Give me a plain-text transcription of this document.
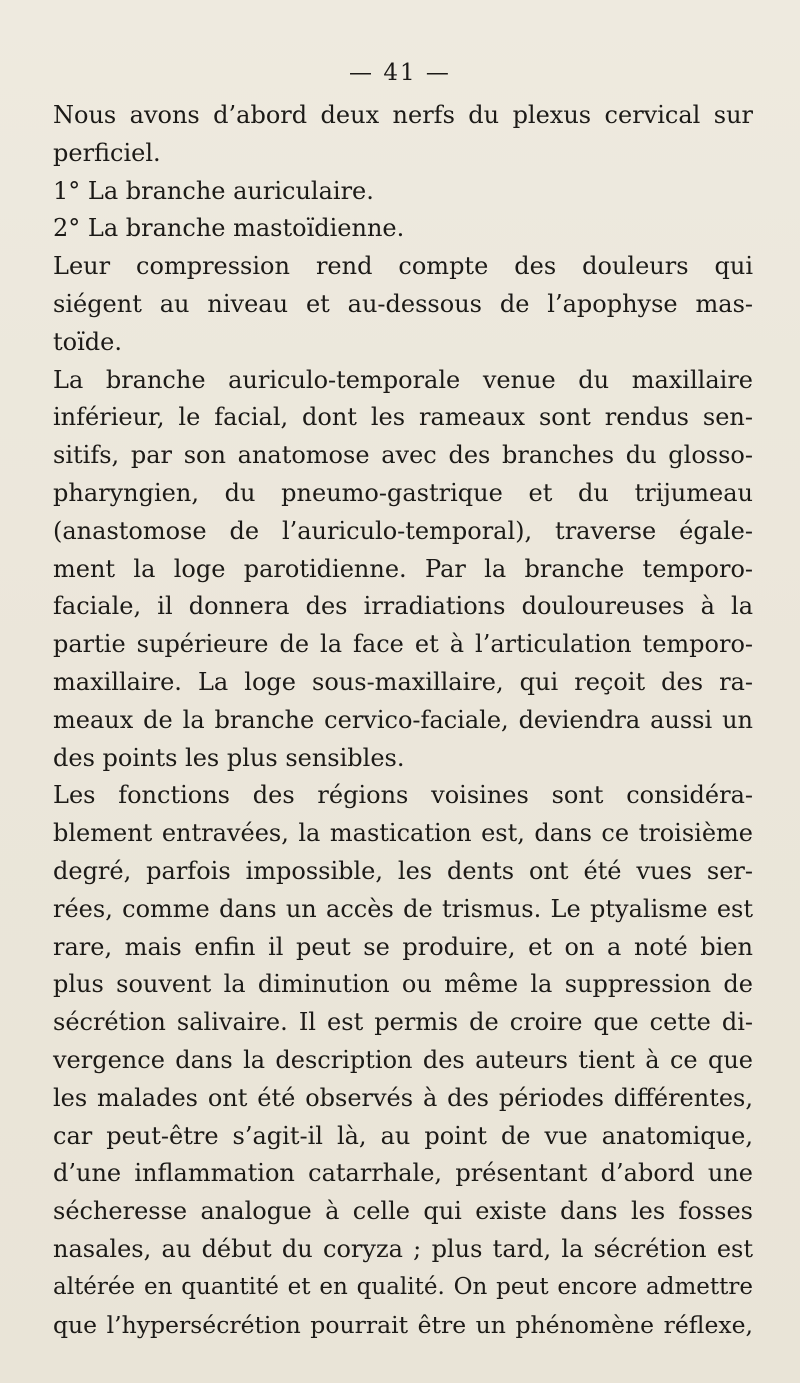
— 41 —
Nous avons d’abord deux nerfs du plexus cervical sur
perficiel.
1° La branche auriculaire.
2° La branche mastoïdienne.
Leur compression rend compte des douleurs qui
siégent au niveau et au-dessous de l’apophyse mas-
toïde.
La branche auriculo-temporale venue du maxillaire
inférieur, le facial, dont les rameaux sont rendus sen-
sitifs, par son anatomose avec des branches du glosso-
pharyngien, du pneumo-gastrique et du trijumeau
(anastomose de l’auriculo-temporal), traverse égale-
ment la loge parotidienne. Par la branche temporo-
faciale, il donnera des irradiations douloureuses à la
partie supérieure de la face et à l’articulation temporo-
maxillaire. La loge sous-maxillaire, qui reçoit des ra-
meaux de la branche cervico-faciale, deviendra aussi un
des points les plus sensibles.
Les fonctions des régions voisines sont considéra-
blement entravées, la mastication est, dans ce troisième
degré, parfois impossible, les dents ont été vues ser-
rées, comme dans un accès de trismus. Le ptyalisme est
rare, mais enfin il peut se produire, et on a noté bien
plus souvent la diminution ou même la suppression de
sécrétion salivaire. Il est permis de croire que cette di-
vergence dans la description des auteurs tient à ce que
les malades ont été observés à des périodes différentes,
car peut-être s’agit-il là, au point de vue anatomique,
d’une inflammation catarrhale, présentant d’abord une
sécheresse analogue à celle qui existe dans les fosses
nasales, au début du coryza ; plus tard, la sécrétion est
altérée en quantité et en qualité. On peut encore admettre
que l’hypersécrétion pourrait être un phénomène réflexe,
